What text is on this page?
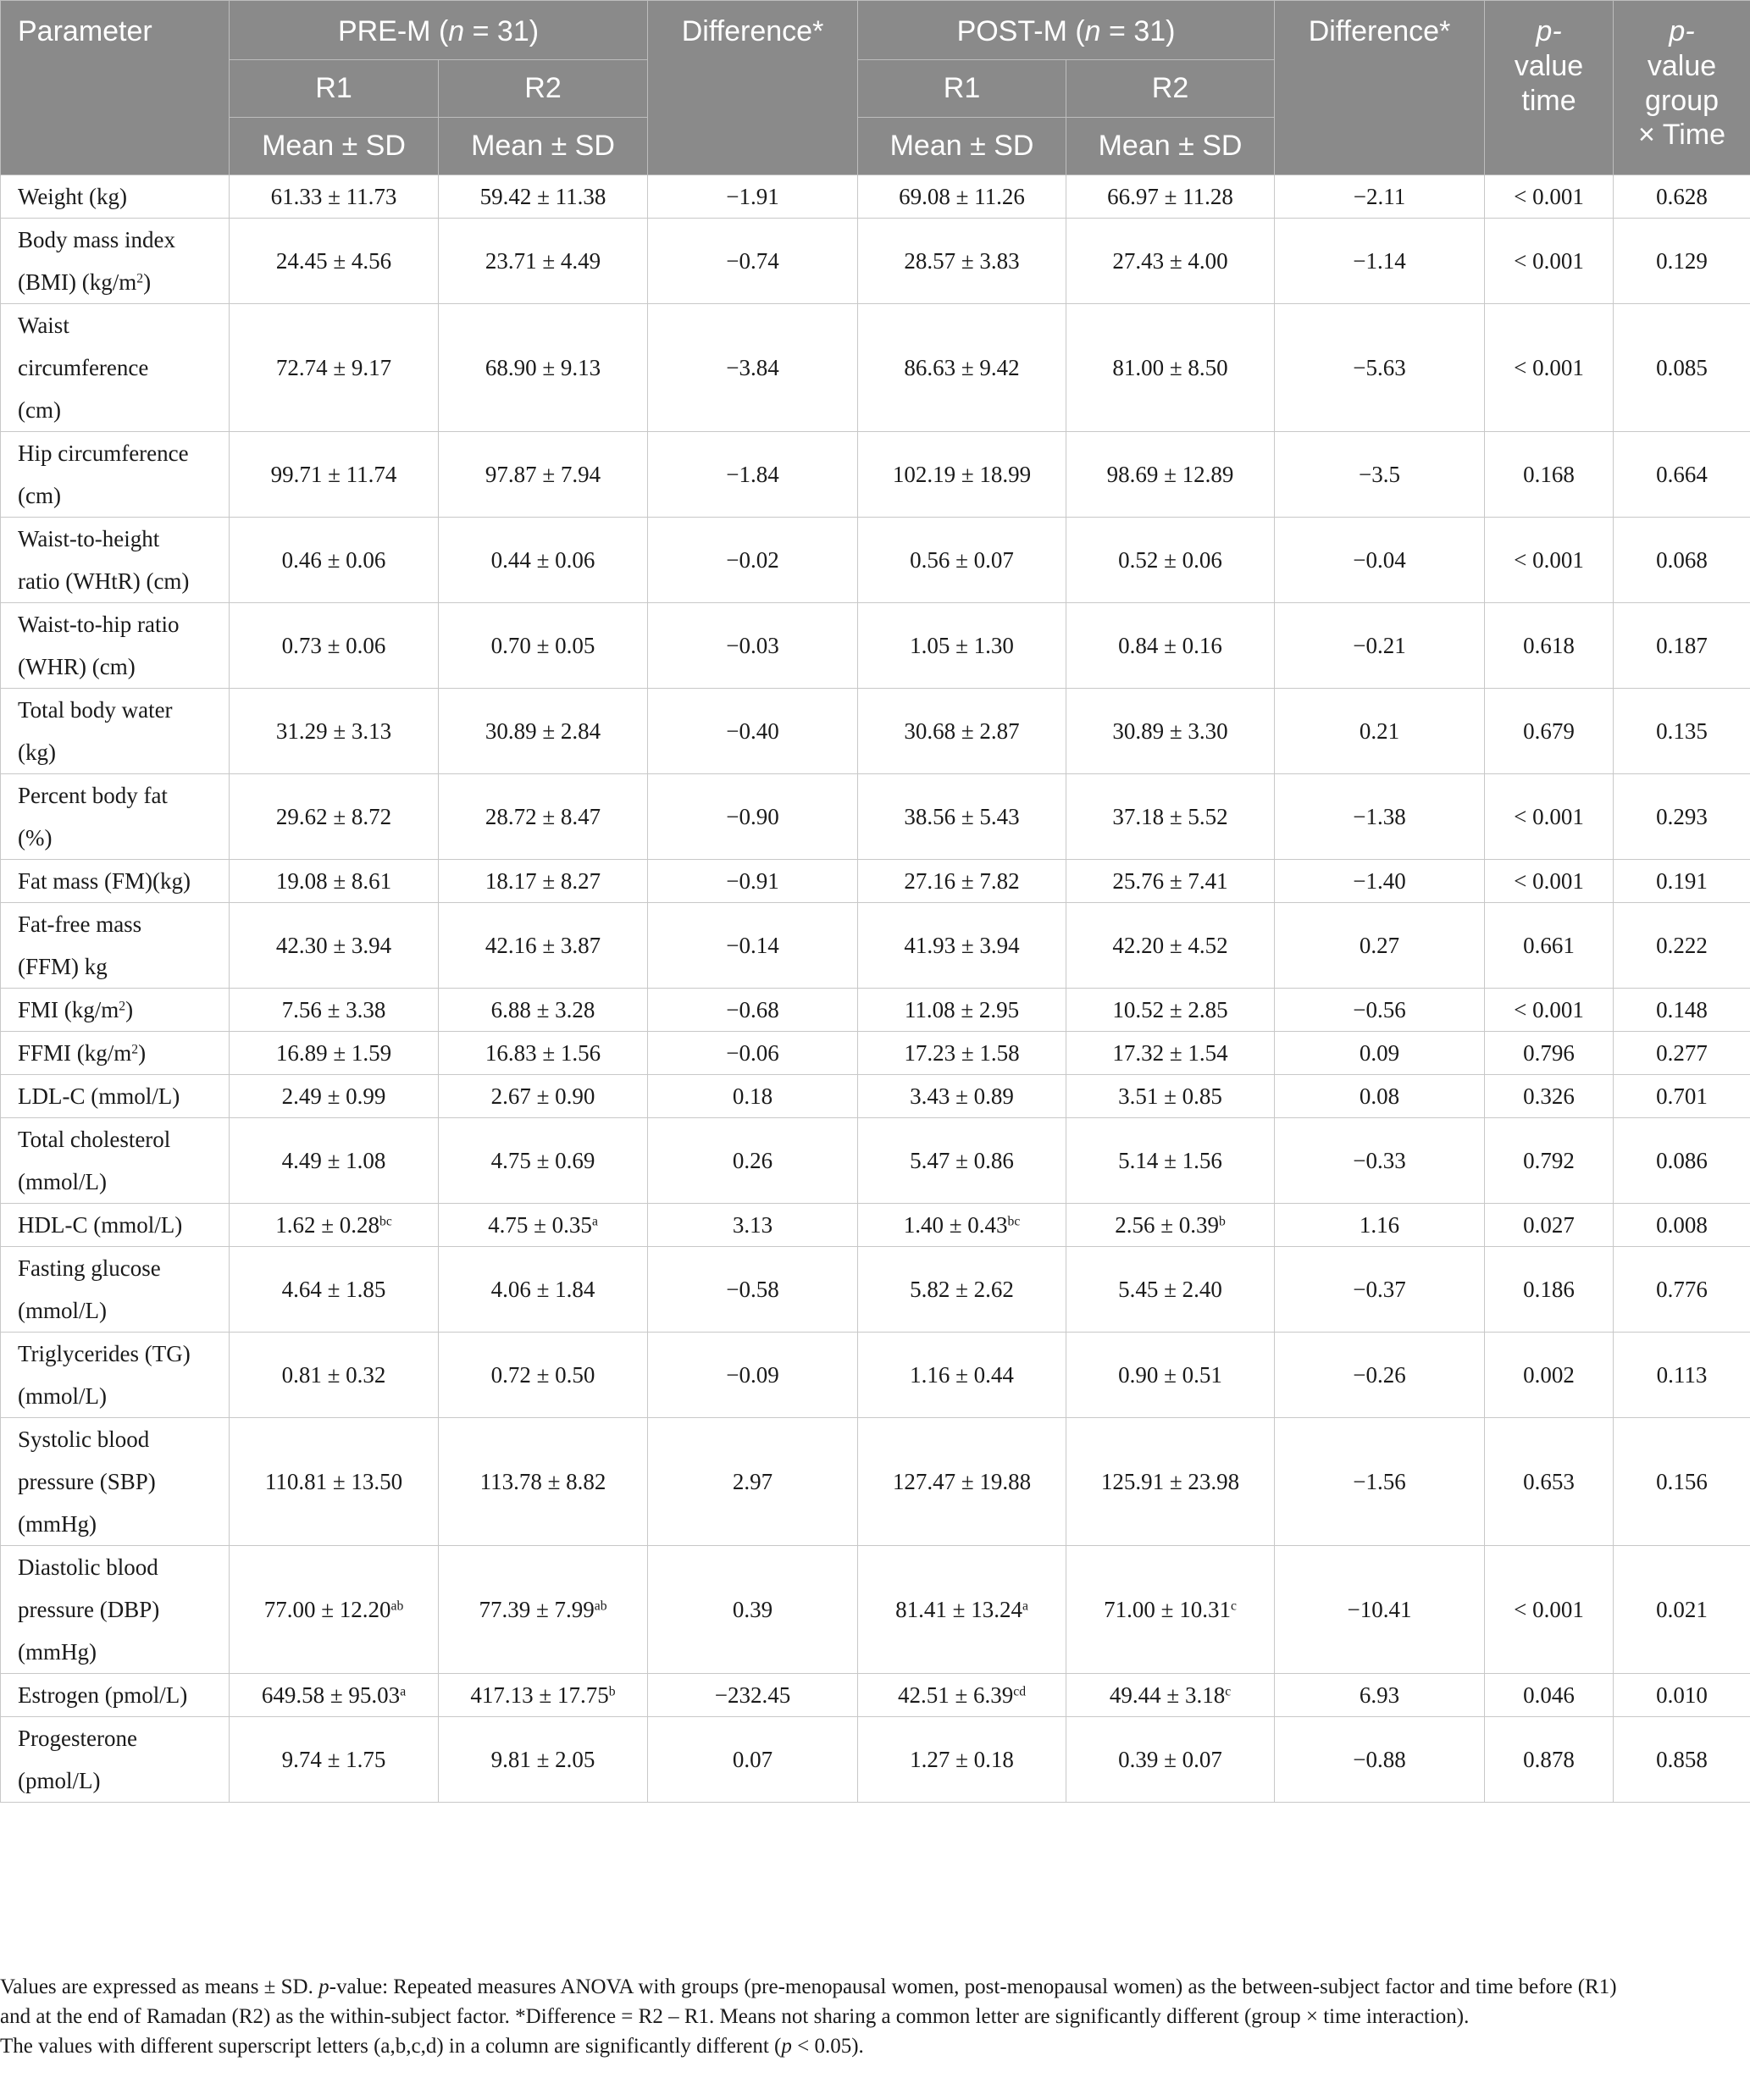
Parameter	PRE-M (n = 31)		Difference*	POST-M (n = 31)		Difference*	p-
value
time	p-
value
group
× Time
	R1	R2		R1	R2			
	Mean ± SD	Mean ± SD		Mean ± SD	Mean ± SD			
Weight (kg)	61.33 ± 11.73	59.42 ± 11.38	−1.91	69.08 ± 11.26	66.97 ± 11.28	−2.11	< 0.001	0.628
Body mass index
(BMI) $(kg/m^2)$	24.45 ± 4.56	23.71 ± 4.49	−0.74	28.57 ± 3.83	27.43 ± 4.00	−1.14	< 0.001	0.129
Waist
circumference
(cm)	72.74 ± 9.17	68.90 ± 9.13	−3.84	86.63 ± 9.42	81.00 ± 8.50	−5.63	< 0.001	0.085
Hip circumference
(cm)	99.71 ± 11.74	97.87 ± 7.94	−1.84	102.19 ± 18.99	98.69 ± 12.89	−3.5	0.168	0.664
Waist-to-height
ratio (WHtR) (cm)	0.46 ± 0.06	0.44 ± 0.06	−0.02	0.56 ± 0.07	0.52 ± 0.06	−0.04	< 0.001	0.068
Waist-to-hip ratio
(WHR) (cm)	0.73 ± 0.06	0.70 ± 0.05	−0.03	1.05 ± 1.30	0.84 ± 0.16	−0.21	0.618	0.187
Total body water
(kg)	31.29 ± 3.13	30.89 ± 2.84	−0.40	30.68 ± 2.87	30.89 ± 3.30	0.21	0.679	0.135
Percent body fat
(%)	29.62 ± 8.72	28.72 ± 8.47	−0.90	38.56 ± 5.43	37.18 ± 5.52	−1.38	< 0.001	0.293
Fat mass (FM)(kg)	19.08 ± 8.61	18.17 ± 8.27	−0.91	27.16 ± 7.82	25.76 ± 7.41	−1.40	< 0.001	0.191
Fat-free mass
(FFM) kg	42.30 ± 3.94	42.16 ± 3.87	−0.14	41.93 ± 3.94	42.20 ± 4.52	0.27	0.661	0.222
FMI $(kg/m^2)$	7.56 ± 3.38	6.88 ± 3.28	−0.68	11.08 ± 2.95	10.52 ± 2.85	−0.56	< 0.001	0.148
FFMI $(kg/m^2)$	16.89 ± 1.59	16.83 ± 1.56	−0.06	17.23 ± 1.58	17.32 ± 1.54	0.09	0.796	0.277
LDL-C (mmol/L)	2.49 ± 0.99	2.67 ± 0.90	0.18	3.43 ± 0.89	3.51 ± 0.85	0.08	0.326	0.701
Total cholesterol
(mmol/L)	4.49 ± 1.08	4.75 ± 0.69	0.26	5.47 ± 0.86	5.14 ± 1.56	−0.33	0.792	0.086
HDL-C (mmol/L)	1.62 ± 0.28$^{bc}$	4.75 ± 0.35$^a$	3.13	1.40 ± 0.43$^{bc}$	2.56 ± 0.39$^b$	1.16	0.027	0.008
Fasting glucose
(mmol/L)	4.64 ± 1.85	4.06 ± 1.84	−0.58	5.82 ± 2.62	5.45 ± 2.40	−0.37	0.186	0.776
Triglycerides (TG)
(mmol/L)	0.81 ± 0.32	0.72 ± 0.50	−0.09	1.16 ± 0.44	0.90 ± 0.51	−0.26	0.002	0.113
Systolic blood
pressure (SBP)
(mmHg)	110.81 ± 13.50	113.78 ± 8.82	2.97	127.47 ± 19.88	125.91 ± 23.98	−1.56	0.653	0.156
Diastolic blood
pressure (DBP)
(mmHg)	77.00 ± 12.20$^{ab}$	77.39 ± 7.99$^{ab}$	0.39	81.41 ± 13.24$^a$	71.00 ± 10.31$^c$	−10.41	< 0.001	0.021
Estrogen (pmol/L)	649.58 ± 95.03$^a$	417.13 ± 17.75$^b$	−232.45	42.51 ± 6.39$^{cd}$	49.44 ± 3.18$^c$	6.93	0.046	0.010
Progesterone
(pmol/L)	9.74 ± 1.75	9.81 ± 2.05	0.07	1.27 ± 0.18	0.39 ± 0.07	−0.88	0.878	0.858

Values are expressed as means ± SD. p-value: Repeated measures ANOVA with groups (pre-menopausal women, post-menopausal women) as the between-subject factor and time before (R1)

and at the end of Ramadan (R2) as the within-subject factor. *Difference = R2 – R1. Means not sharing a common letter are significantly different (group × time interaction).

The values with different superscript letters (a,b,c,d) in a column are significantly different (p < 0.05).
